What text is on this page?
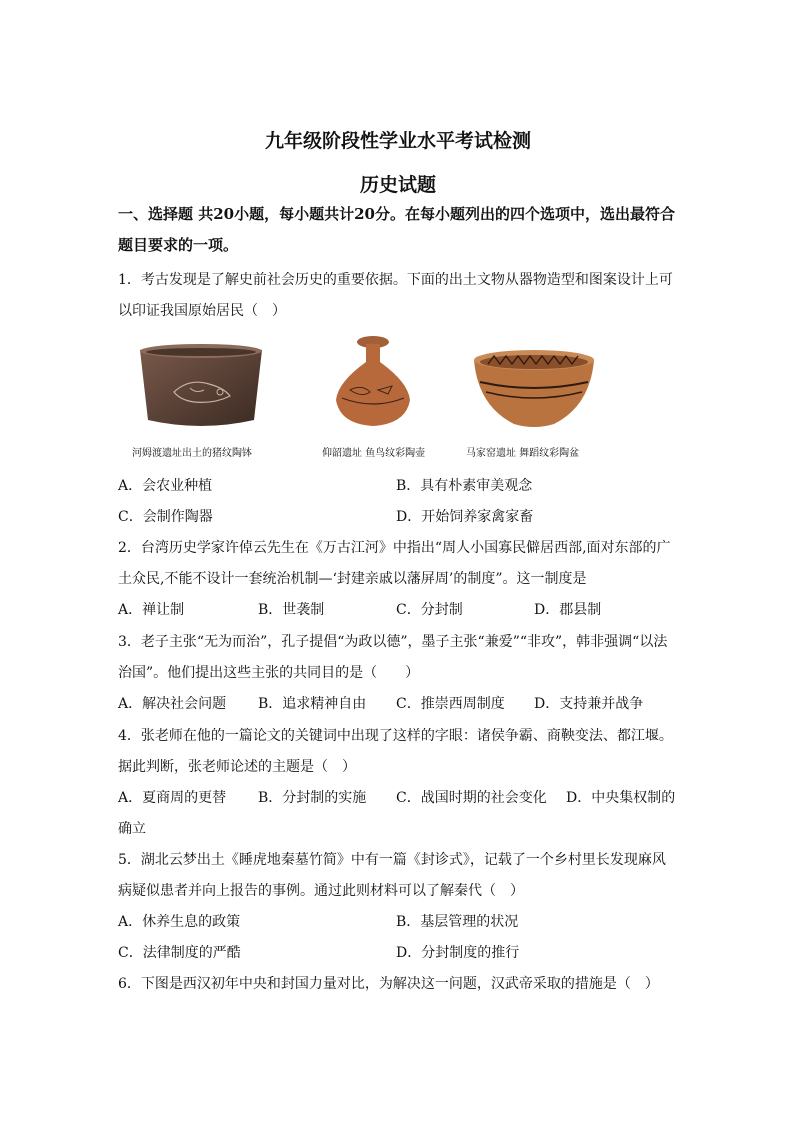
九年级阶段性学业水平考试检测
历史试题
一、选择题 共20小题，每小题共计20分。在每小题列出的四个选项中，选出最符合题目要求的一项。
1．考古发现是了解史前社会历史的重要依据。下面的出土文物从器物造型和图案设计上可以印证我国原始居民（　）
河姆渡遗址出土的猪纹陶钵	仰韶遗址 鱼鸟纹彩陶壶	马家窑遗址 舞蹈纹彩陶盆
A．会农业种植	B．具有朴素审美观念
C．会制作陶器	D．开始饲养家禽家畜
2．台湾历史学家许倬云先生在《万古江河》中指出“周人小国寡民僻居西部,面对东部的广土众民,不能不设计一套统治机制—‘封建亲戚以藩屏周’的制度”。这一制度是
A．禅让制	B．世袭制	C．分封制	D．郡县制
3．老子主张“无为而治”，孔子提倡“为政以德”，墨子主张“兼爱”“非攻”，韩非强调“以法治国”。他们提出这些主张的共同目的是（　　）
A．解决社会问题 B．追求精神自由 C．推崇西周制度 D．支持兼并战争
4．张老师在他的一篇论文的关键词中出现了这样的字眼：诸侯争霸、商鞅变法、都江堰。据此判断，张老师论述的主题是（　）
A．夏商周的更替 B．分封制的实施 C．战国时期的社会变化 D．中央集权制的
确立
5．湖北云梦出土《睡虎地秦墓竹简》中有一篇《封诊式》，记载了一个乡村里长发现麻风病疑似患者并向上报告的事例。通过此则材料可以了解秦代（　）
A．休养生息的政策	B．基层管理的状况
C．法律制度的严酷	D．分封制度的推行
6．下图是西汉初年中央和封国力量对比，为解决这一问题，汉武帝采取的措施是（　）
